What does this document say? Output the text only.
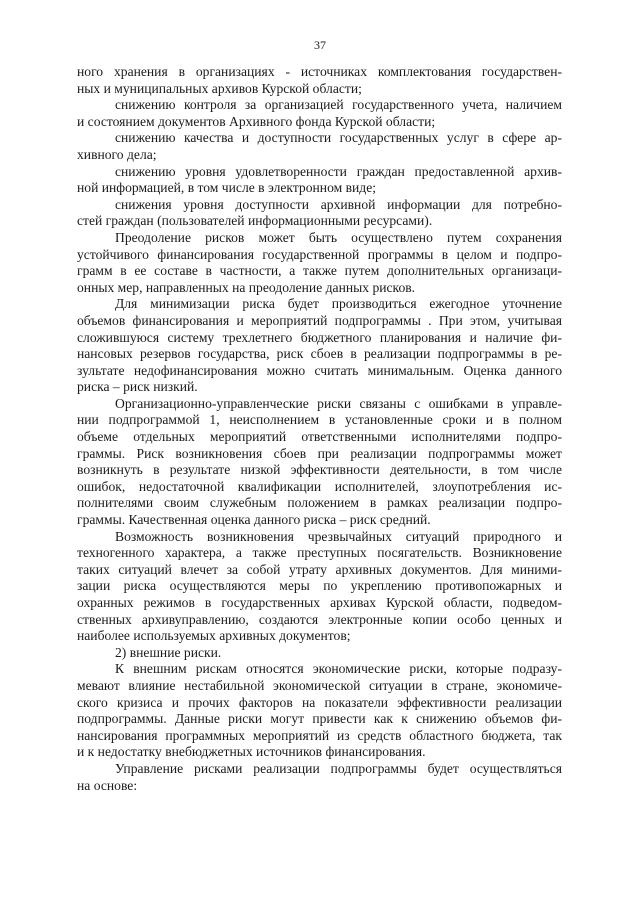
37
ного хранения в организациях - источниках комплектования государствен-
ных и муниципальных архивов Курской области;
снижению контроля за организацией государственного учета, наличием
и состоянием документов Архивного фонда Курской области;
снижению качества и доступности государственных услуг в сфере ар-
хивного дела;
снижению уровня удовлетворенности граждан предоставленной архив-
ной информацией, в том числе в электронном виде;
снижения уровня доступности архивной информации для потребно-
стей граждан (пользователей информационными ресурсами).
Преодоление рисков может быть осуществлено путем сохранения
устойчивого финансирования государственной программы в целом и подпро-
грамм в ее составе в частности, а также путем дополнительных организаци-
онных мер, направленных на преодоление данных рисков.
Для минимизации риска будет производиться ежегодное уточнение
объемов финансирования и мероприятий подпрограммы . При этом, учитывая
сложившуюся систему трехлетнего бюджетного планирования и наличие фи-
нансовых резервов государства, риск сбоев в реализации подпрограммы в ре-
зультате недофинансирования можно считать минимальным. Оценка данного
риска – риск низкий.
Организационно-управленческие риски связаны с ошибками в управле-
нии подпрограммой 1, неисполнением в установленные сроки и в полном
объеме отдельных мероприятий ответственными исполнителями подпро-
граммы. Риск возникновения сбоев при реализации подпрограммы может
возникнуть в результате низкой эффективности деятельности, в том числе
ошибок, недостаточной квалификации исполнителей, злоупотребления ис-
полнителями своим служебным положением в рамках реализации подпро-
граммы. Качественная оценка данного риска – риск средний.
Возможность возникновения чрезвычайных ситуаций природного и
техногенного характера, а также преступных посягательств. Возникновение
таких ситуаций влечет за собой утрату архивных документов. Для миними-
зации риска осуществляются меры по укреплению противопожарных и
охранных режимов в государственных архивах Курской области, подведом-
ственных архивуправлению, создаются электронные копии особо ценных и
наиболее используемых архивных документов;
2) внешние риски.
К внешним рискам относятся экономические риски, которые подразу-
мевают влияние нестабильной экономической ситуации в стране, экономиче-
ского кризиса и прочих факторов на показатели эффективности реализации
подпрограммы. Данные риски могут привести как к снижению объемов фи-
нансирования программных мероприятий из средств областного бюджета, так
и к недостатку внебюджетных источников финансирования.
Управление рисками реализации подпрограммы будет осуществляться
на основе:
